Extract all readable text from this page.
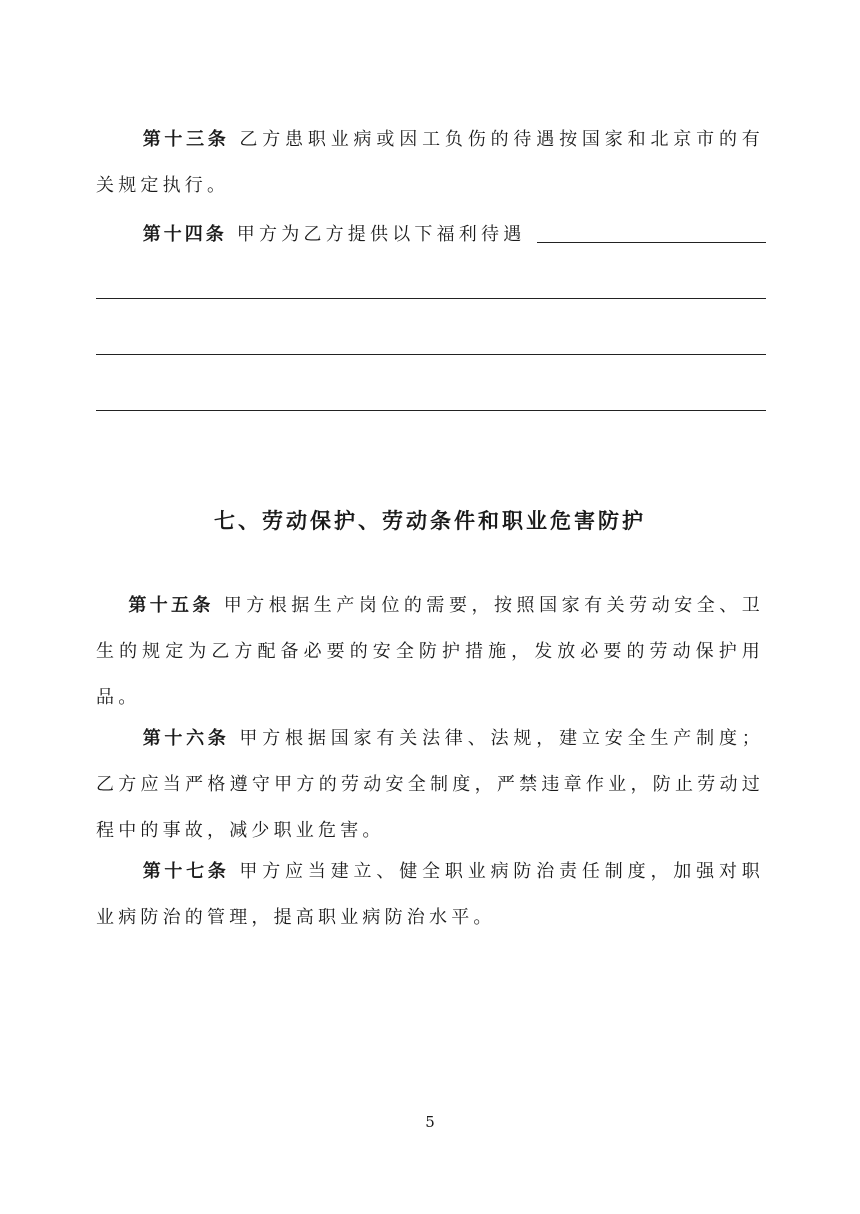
第十三条 乙方患职业病或因工负伤的待遇按国家和北京市的有关规定执行。
第十四条 甲方为乙方提供以下福利待遇
七、劳动保护、劳动条件和职业危害防护
第十五条 甲方根据生产岗位的需要，按照国家有关劳动安全、卫生的规定为乙方配备必要的安全防护措施，发放必要的劳动保护用品。
第十六条 甲方根据国家有关法律、法规，建立安全生产制度；乙方应当严格遵守甲方的劳动安全制度，严禁违章作业，防止劳动过程中的事故，减少职业危害。
第十七条 甲方应当建立、健全职业病防治责任制度，加强对职业病防治的管理，提高职业病防治水平。
5
